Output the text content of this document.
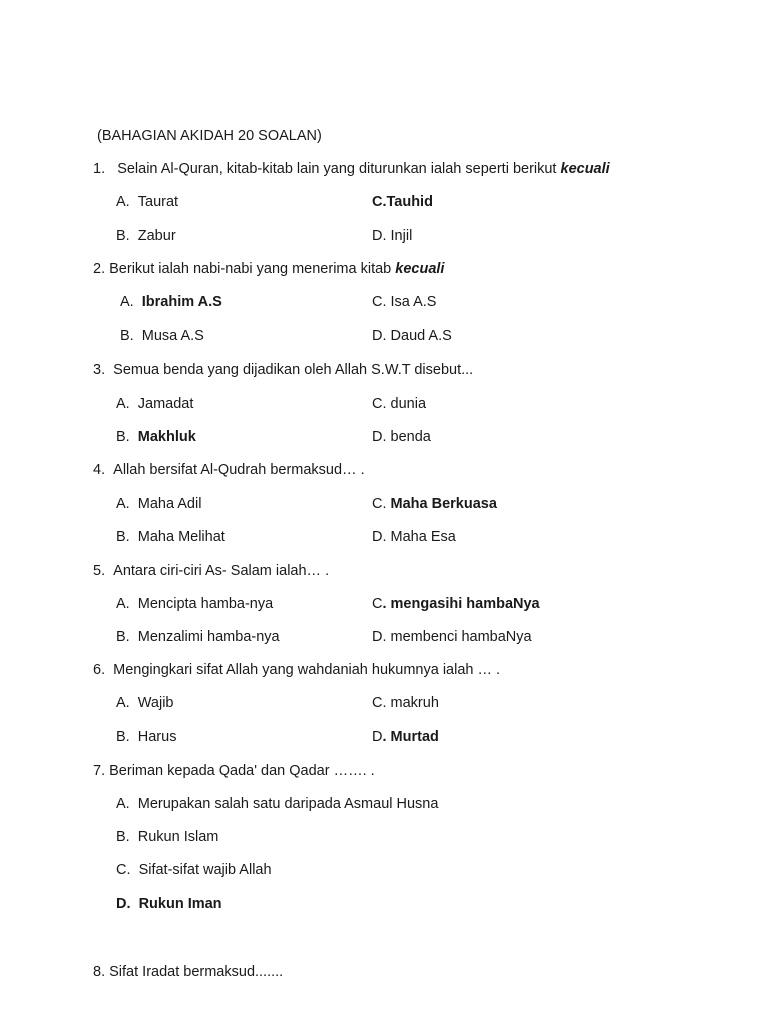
(BAHAGIAN AKIDAH 20 SOALAN)
1. Selain Al-Quran, kitab-kitab lain yang diturunkan ialah seperti berikut kecuali
A. Taurat	C.Tauhid
B. Zabur	D. Injil
2. Berikut ialah nabi-nabi yang menerima kitab kecuali
A. Ibrahim A.S	C. Isa A.S
B. Musa A.S	D. Daud A.S
3. Semua benda yang dijadikan oleh Allah S.W.T disebut...
A. Jamadat	C. dunia
B. Makhluk	D. benda
4. Allah bersifat Al-Qudrah bermaksud… .
A. Maha Adil	C. Maha Berkuasa
B. Maha Melihat	D. Maha Esa
5. Antara ciri-ciri As- Salam ialah… .
A. Mencipta hamba-nya	C. mengasihi hambaNya
B. Menzalimi hamba-nya	D. membenci hambaNya
6. Mengingkari sifat Allah yang wahdaniah hukumnya ialah … .
A. Wajib	C. makruh
B. Harus	D. Murtad
7. Beriman kepada Qada' dan Qadar ……. .
A. Merupakan salah satu daripada Asmaul Husna
B. Rukun Islam
C. Sifat-sifat wajib Allah
D. Rukun Iman
8. Sifat Iradat bermaksud.......
